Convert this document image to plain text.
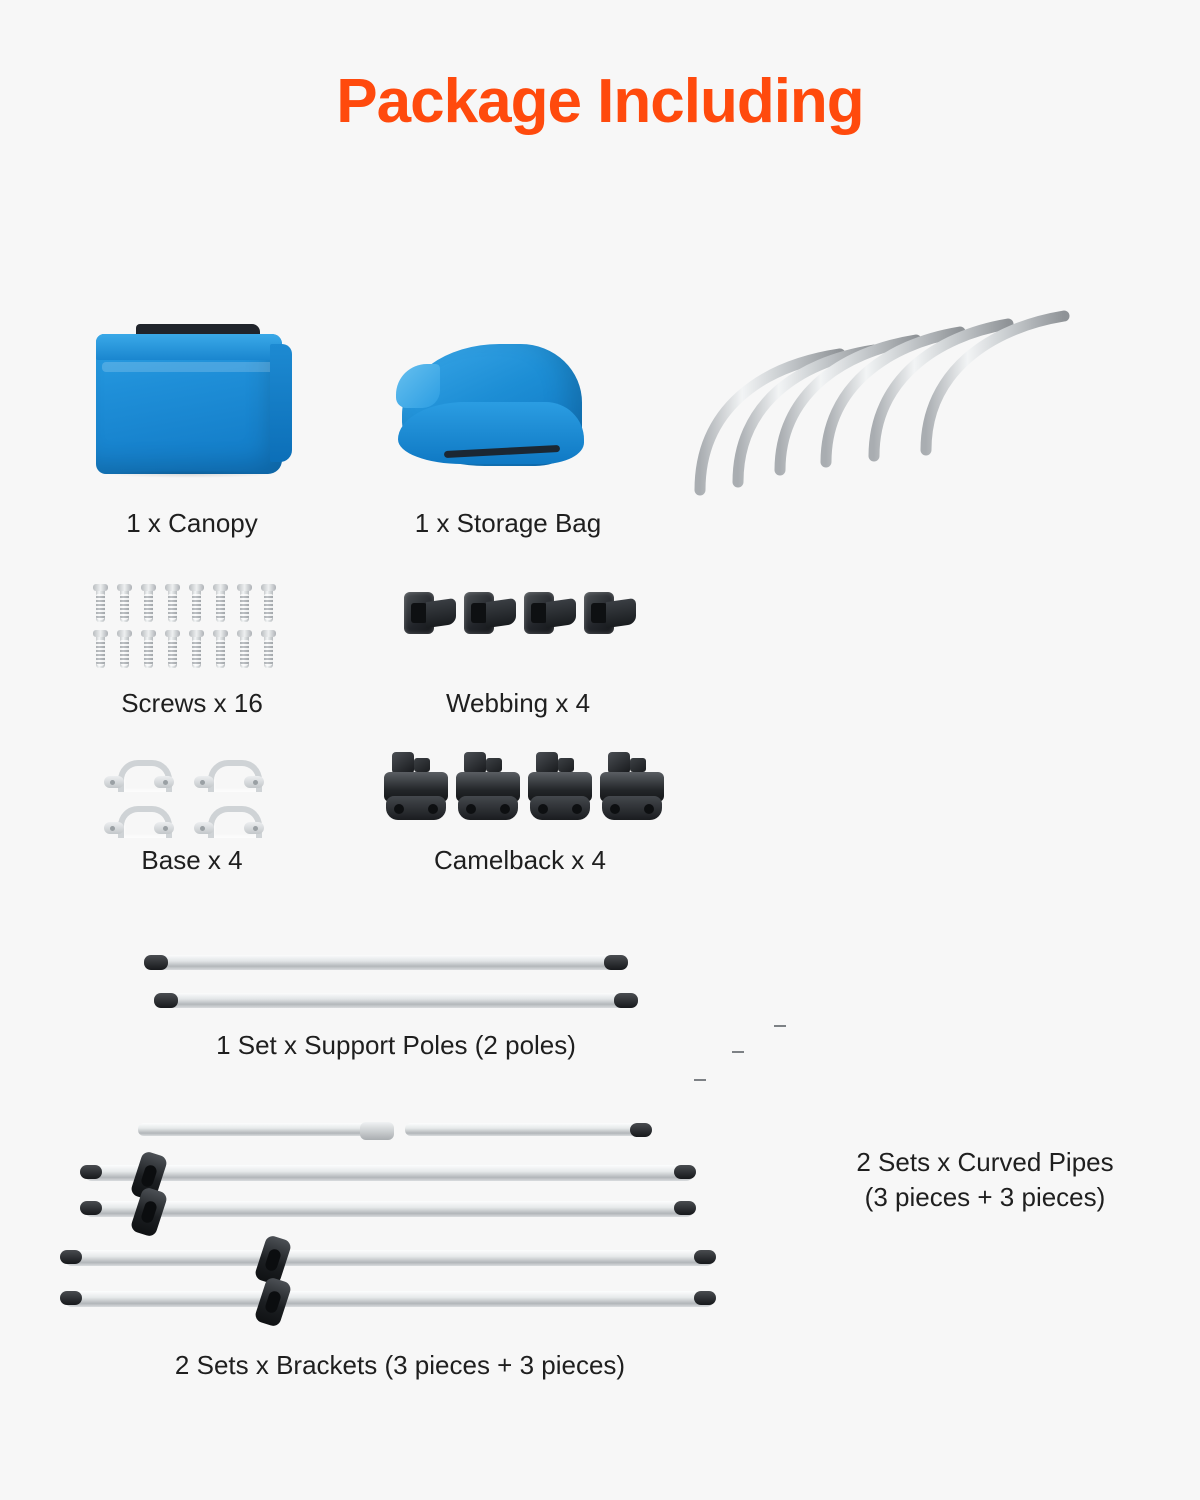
Package Including
1 x Canopy	1 x Storage Bag
Screws x 16	Webbing x 4
Base x 4	Camelback x 4
1 Set x Support Poles (2 poles)
2 Sets x Brackets (3 pieces + 3 pieces)
2 Sets x Curved Pipes
(3 pieces + 3 pieces)
